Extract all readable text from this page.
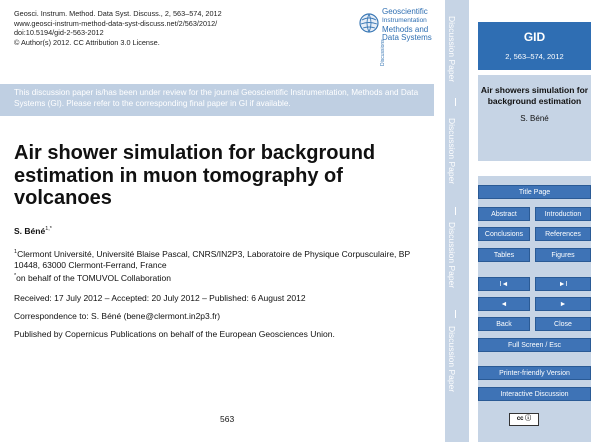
Geosci. Instrum. Method. Data Syst. Discuss., 2, 563–574, 2012
www.geosci-instrum-method-data-syst-discuss.net/2/563/2012/
doi:10.5194/gid-2-563-2012
© Author(s) 2012. CC Attribution 3.0 License.	Discussions
Geoscientific
Instrumentation
Methods and
Data Systems
This discussion paper is/has been under review for the journal Geoscientific Instrumentation, Methods and Data Systems (GI). Please refer to the corresponding final paper in GI if available.
Air shower simulation for background estimation in muon tomography of volcanoes
S. Béné$^{1,*}$
$^1$Clermont Université, Université Blaise Pascal, CNRS/IN2P3, Laboratoire de Physique Corpusculaire, BP 10448, 63000 Clermont-Ferrand, France
*on behalf of the TOMUVOL Collaboration
Received: 17 July 2012 – Accepted: 20 July 2012 – Published: 6 August 2012
Correspondence to: S. Béné (bene@clermont.in2p3.fr)
Published by Copernicus Publications on behalf of the European Geosciences Union.
563
Discussion Paper
Discussion Paper
Discussion Paper
Discussion Paper
GID
2, 563–574, 2012
Air showers simulation for background estimation
S. Béné
Title Page
Abstract	Introduction
Conclusions	References
Tables	Figures
I◄	►I
◄	►
Back	Close
Full Screen / Esc
Printer-friendly Version
Interactive Discussion
cc ⓘ
